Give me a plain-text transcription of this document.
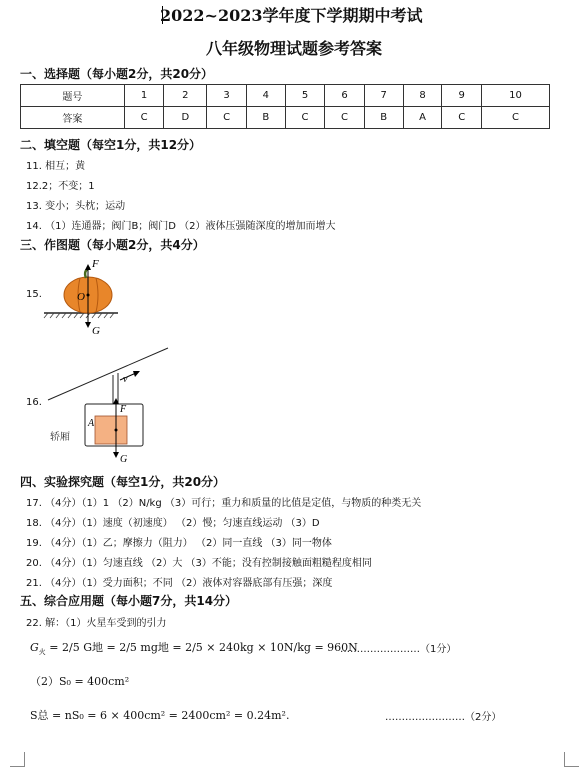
2022~2023学年度下学期期中考试
八年级物理试题参考答案
一、选择题（每小题2分，共20分）
题号	1	2	3	4	5	6	7	8	9	10
答案	C	D	C	B	C	C	B	A	C	C
二、填空题（每空1分，共12分）
11. 相互；黄
12.2；不变；1
13. 变小；头枕；运动
14. （1）连通器；阀门B；阀门D （2）液体压强随深度的增加而增大
三、作图题（每小题2分，共4分）
15.
F
O
G
16.
v
F
A
G
轿厢
四、实验探究题（每空1分，共20分）
17. （4分）（1）1 （2）N/kg （3）可行；重力和质量的比值是定值，与物质的种类无关
18. （4分）（1）速度（初速度） （2）慢；匀速直线运动 （3）D
19. （4分）（1）乙；摩擦力（阻力） （2）同一直线 （3）同一物体
20. （4分）（1）匀速直线 （2）大 （3）不能；没有控制接触面粗糙程度相同
21. （4分）（1）受力面积；不同 （2）液体对容器底部有压强；深度
五、综合应用题（每小题7分，共14分）
22. 解：（1）火星车受到的引力
$G_火 = 2/5$ G地 = 2/5 mg地 = 2/5 × 240kg × 10N/kg = 960N
……………………（1分）
（2）S₀ = 400cm²
S总 = nS₀ = 6 × 400cm² = 2400cm² = 0.24m².	……………………（2分）
